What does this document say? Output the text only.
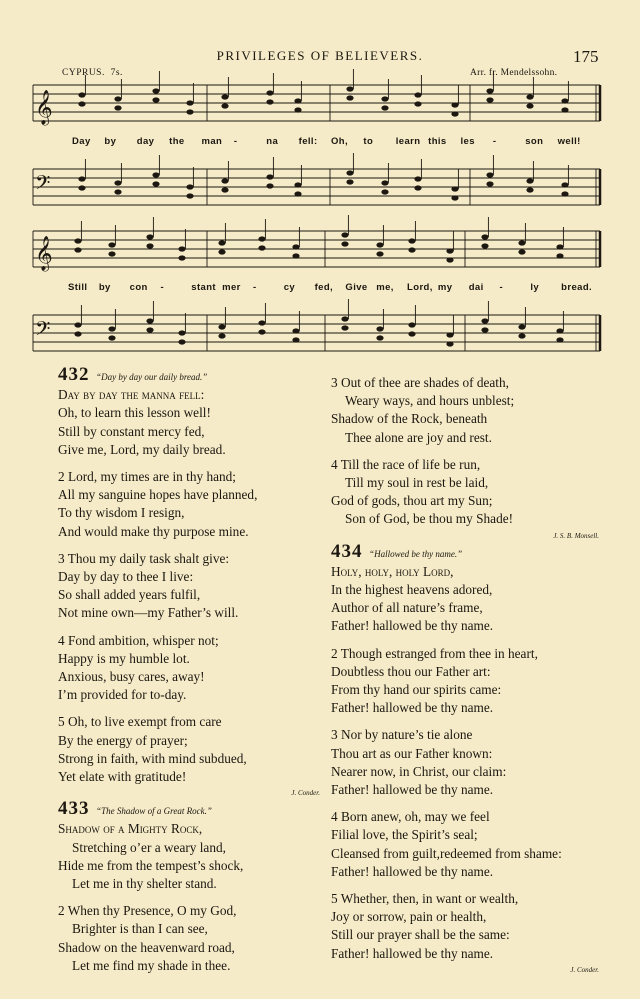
PRIVILEGES OF BELIEVERS.	175
CYPRUS. 7s.	Arr. fr. Mendelssohn.
𝄞
𝄢
𝄞
𝄢
Day by day the man -	na fell: Oh, to learn this les -	son well!
Still by con -	stant mer -	cy fed, Give me, Lord, my dai -	ly bread.

432 “Day by day our daily bread.”

Day by day the manna fell:

Oh, to learn this lesson well!

Still by constant mercy fed,

Give me, Lord, my daily bread.

2 Lord, my times are in thy hand;

All my sanguine hopes have planned,

To thy wisdom I resign,

And would make thy purpose mine.

3 Thou my daily task shalt give:

Day by day to thee I live:

So shall added years fulfil,

Not mine own—my Father’s will.

4 Fond ambition, whisper not;

Happy is my humble lot.

Anxious, busy cares, away!

I’m provided for to-day.

5 Oh, to live exempt from care

By the energy of prayer;

Strong in faith, with mind subdued,

Yet elate with gratitude!

J. Conder.

433 “The Shadow of a Great Rock.”

Shadow of a Mighty Rock,

Stretching o’er a weary land,

Hide me from the tempest’s shock,

Let me in thy shelter stand.

2 When thy Presence, O my God,

Brighter is than I can see,

Shadow on the heavenward road,

Let me find my shade in thee.

3 Out of thee are shades of death,

Weary ways, and hours unblest;

Shadow of the Rock, beneath

Thee alone are joy and rest.

4 Till the race of life be run,

Till my soul in rest be laid,

God of gods, thou art my Sun;

Son of God, be thou my Shade!

J. S. B. Monsell.

434 “Hallowed be thy name.”

Holy, holy, holy Lord,

In the highest heavens adored,

Author of all nature’s frame,

Father! hallowed be thy name.

2 Though estranged from thee in heart,

Doubtless thou our Father art:

From thy hand our spirits came:

Father! hallowed be thy name.

3 Nor by nature’s tie alone

Thou art as our Father known:

Nearer now, in Christ, our claim:

Father! hallowed be thy name.

4 Born anew, oh, may we feel

Filial love, the Spirit’s seal;

Cleansed from guilt,redeemed from shame:

Father! hallowed be thy name.

5 Whether, then, in want or wealth,

Joy or sorrow, pain or health,

Still our prayer shall be the same:

Father! hallowed be thy name.

J. Conder.
